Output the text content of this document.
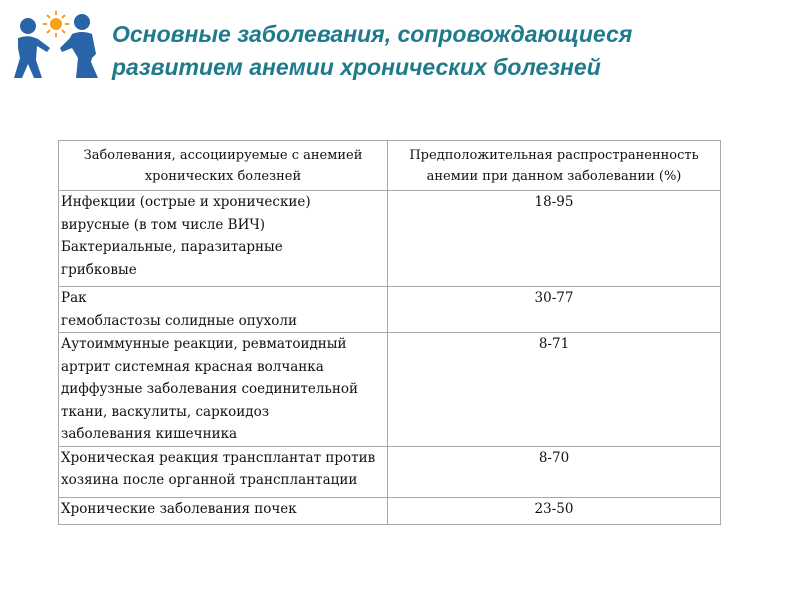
Основные заболевания, сопровождающиеся
развитием анемии хронических болезней
Заболевания, ассоциируемые с анемией хронических болезней	Предположительная распространенность анемии при данном заболевании (%)

Инфекции (острые и хронические)
вирусные (в том числе ВИЧ)
Бактериальные, паразитарные
грибковые	18-95

Рак
гемобластозы солидные опухоли	30-77

Аутоиммунные реакции, ревматоидный
артрит системная красная волчанка
диффузные заболевания соединительной
ткани, васкулиты, саркоидоз
заболевания кишечника	8-71

Хроническая реакция трансплантат против
хозяина после органной трансплантации	8-70

Хронические заболевания почек	23-50
